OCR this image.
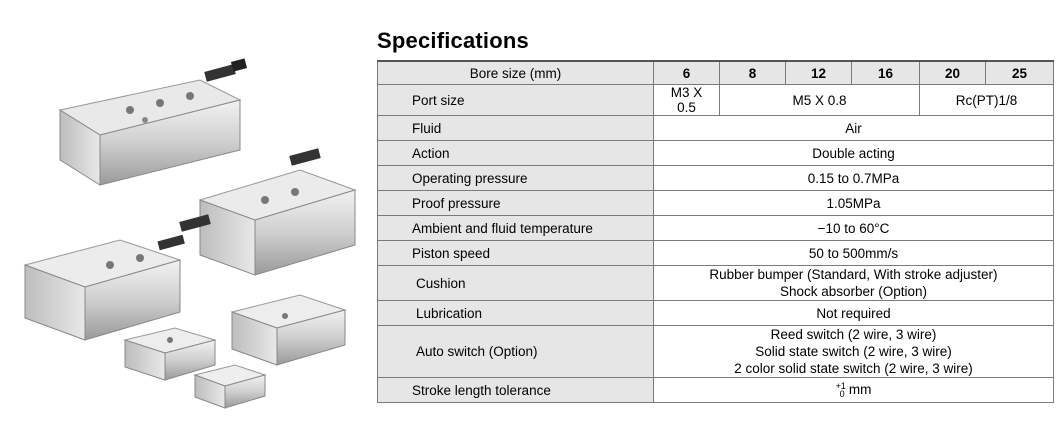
Specifications
Bore size (mm)	6	8	12	16	20	25
Port size	M3 X 0.5	M5 X 0.8			Rc(PT)1/8	
Fluid	Air					
Action	Double acting					
Operating pressure	0.15 to 0.7MPa					
Proof pressure	1.05MPa					
Ambient and fluid temperature	−10 to 60°C					
Piston speed	50 to 500mm/s					
Cushion	Rubber bumper (Standard, With stroke adjuster)
Shock absorber (Option)					

Lubrication	Not required					
Auto switch (Option)	Reed switch (2 wire, 3 wire)
Solid state switch (2 wire, 3 wire)
2 color solid state switch (2 wire, 3 wire)					

Stroke length tolerance	+1
0 mm					
